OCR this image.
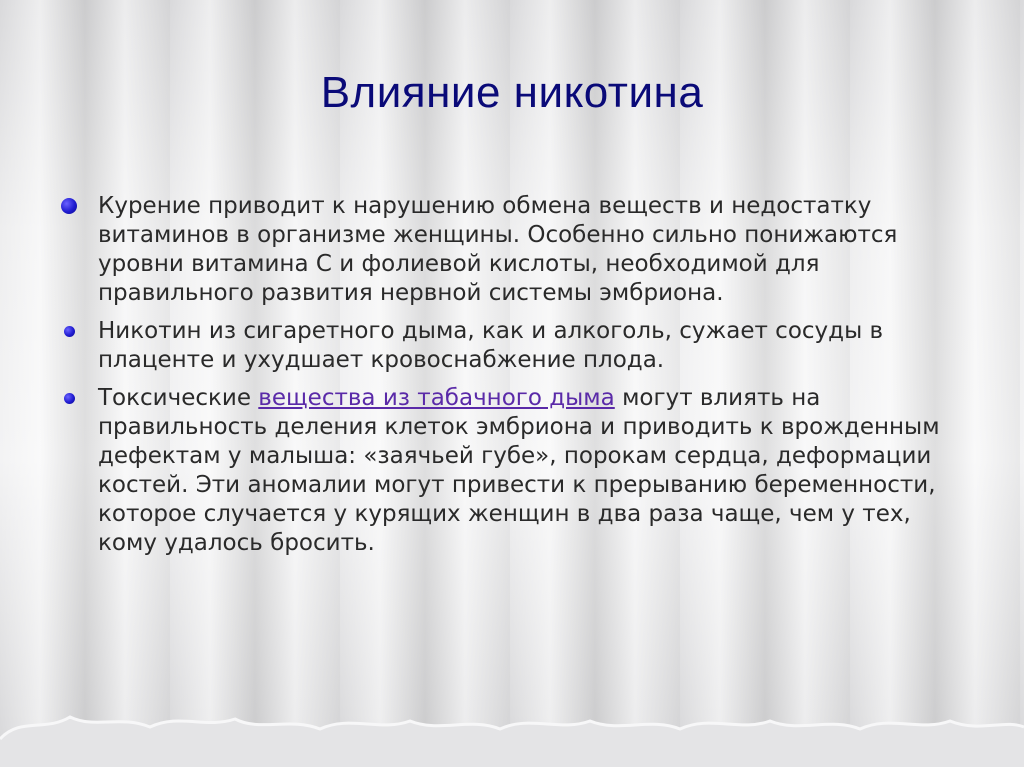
Влияние никотина
Курение приводит к нарушению обмена веществ и недостатку витаминов в организме женщины. Особенно сильно понижаются уровни витамина С и фолиевой кислоты, необходимой для правильного развития нервной системы эмбриона.
Никотин из сигаретного дыма, как и алкоголь, сужает сосуды в плаценте и ухудшает кровоснабжение плода.
Токсические вещества из табачного дыма могут влиять на правильность деления клеток эмбриона и приводить к врожденным дефектам у малыша: «заячьей губе», порокам сердца, деформации костей. Эти аномалии могут привести к прерыванию беременности, которое случается у курящих женщин в два раза чаще, чем у тех, кому удалось бросить.
